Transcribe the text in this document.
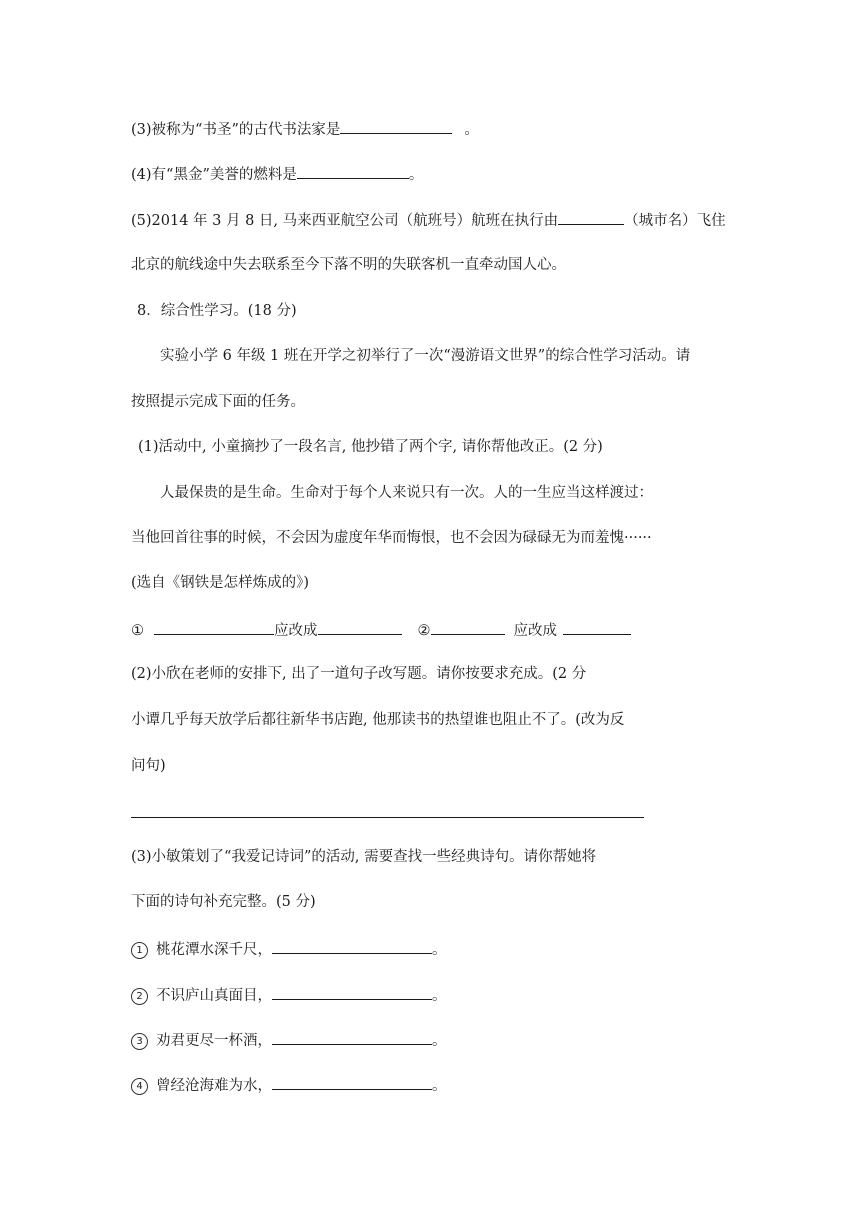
(3)被称为“书圣”的古代书法家是	。
(4)有“黑金”美誉的燃料是	。
(5)2014 年 3 月 8 日, 马来西亚航空公司（航班号）航班在执行由	（城市名）飞住
北京的航线途中失去联系至今下落不明的失联客机一直牵动国人心。
8．综合性学习。(18 分)
实验小学 6 年级 1 班在开学之初举行了一次“漫游语文世界”的综合性学习活动。请
按照提示完成下面的任务。
(1)活动中, 小童摘抄了一段名言, 他抄错了两个字, 请你帮他改正。(2 分)
人最保贵的是生命。生命对于每个人来说只有一次。人的一生应当这样渡过：
当他回首往事的时候，不会因为虚度年华而悔恨，也不会因为碌碌无为而羞愧······
(选自《钢铁是怎样炼成的》)
①	应改成	②	应改成
(2)小欣在老师的安排下, 出了一道句子改写题。请你按要求充成。(2 分
小谭几乎每天放学后都往新华书店跑, 他那读书的热望谁也阻止不了。(改为反
问句)
(3)小敏策划了“我爱记诗词”的活动, 需要查找一些经典诗句。请你帮她将
下面的诗句补充完整。(5 分)
1 桃花潭水深千尺，	。
2 不识庐山真面目，	。
3 劝君更尽一杯酒，	。
4 曾经沧海难为水，	。
